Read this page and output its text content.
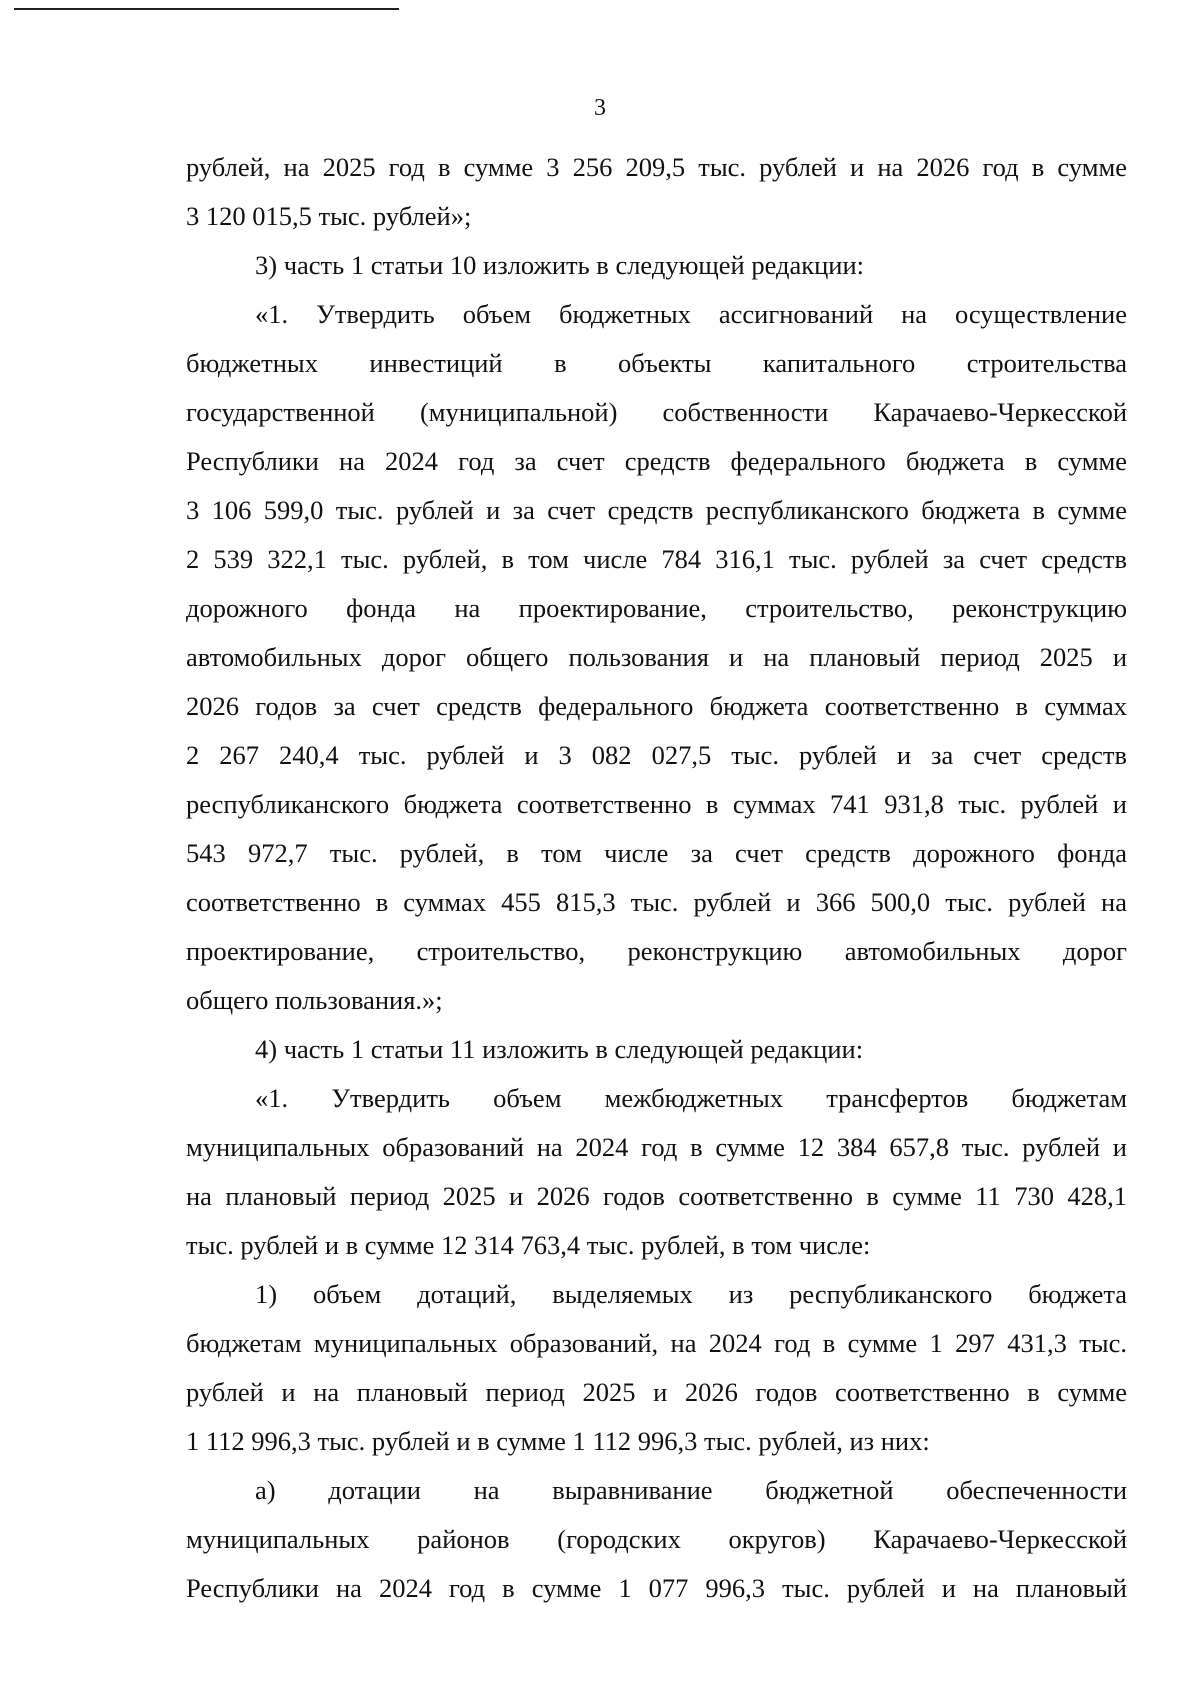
3
рублей, на 2025 год в сумме 3 256 209,5 тыс. рублей и на 2026 год в сумме
3 120 015,5 тыс. рублей»;
3) часть 1 статьи 10 изложить в следующей редакции:
«1. Утвердить объем бюджетных ассигнований на осуществление
бюджетных инвестиций в объекты капитального строительства
государственной (муниципальной) собственности Карачаево-Черкесской
Республики на 2024 год за счет средств федерального бюджета в сумме
3 106 599,0 тыс. рублей и за счет средств республиканского бюджета в сумме
2 539 322,1 тыс. рублей, в том числе 784 316,1 тыс. рублей за счет средств
дорожного фонда на проектирование, строительство, реконструкцию
автомобильных дорог общего пользования и на плановый период 2025 и
2026 годов за счет средств федерального бюджета соответственно в суммах
2 267 240,4 тыс. рублей и 3 082 027,5 тыс. рублей и за счет средств
республиканского бюджета соответственно в суммах 741 931,8 тыс. рублей и
543 972,7 тыс. рублей, в том числе за счет средств дорожного фонда
соответственно в суммах 455 815,3 тыс. рублей и 366 500,0 тыс. рублей на
проектирование, строительство, реконструкцию автомобильных дорог
общего пользования.»;
4) часть 1 статьи 11 изложить в следующей редакции:
«1. Утвердить объем межбюджетных трансфертов бюджетам
муниципальных образований на 2024 год в сумме 12 384 657,8 тыс. рублей и
на плановый период 2025 и 2026 годов соответственно в сумме 11 730 428,1
тыс. рублей и в сумме 12 314 763,4 тыс. рублей, в том числе:
1) объем дотаций, выделяемых из республиканского бюджета
бюджетам муниципальных образований, на 2024 год в сумме 1 297 431,3 тыс.
рублей и на плановый период 2025 и 2026 годов соответственно в сумме
1 112 996,3 тыс. рублей и в сумме 1 112 996,3 тыс. рублей, из них:
а) дотации на выравнивание бюджетной обеспеченности
муниципальных районов (городских округов) Карачаево-Черкесской
Республики на 2024 год в сумме 1 077 996,3 тыс. рублей и на плановый
